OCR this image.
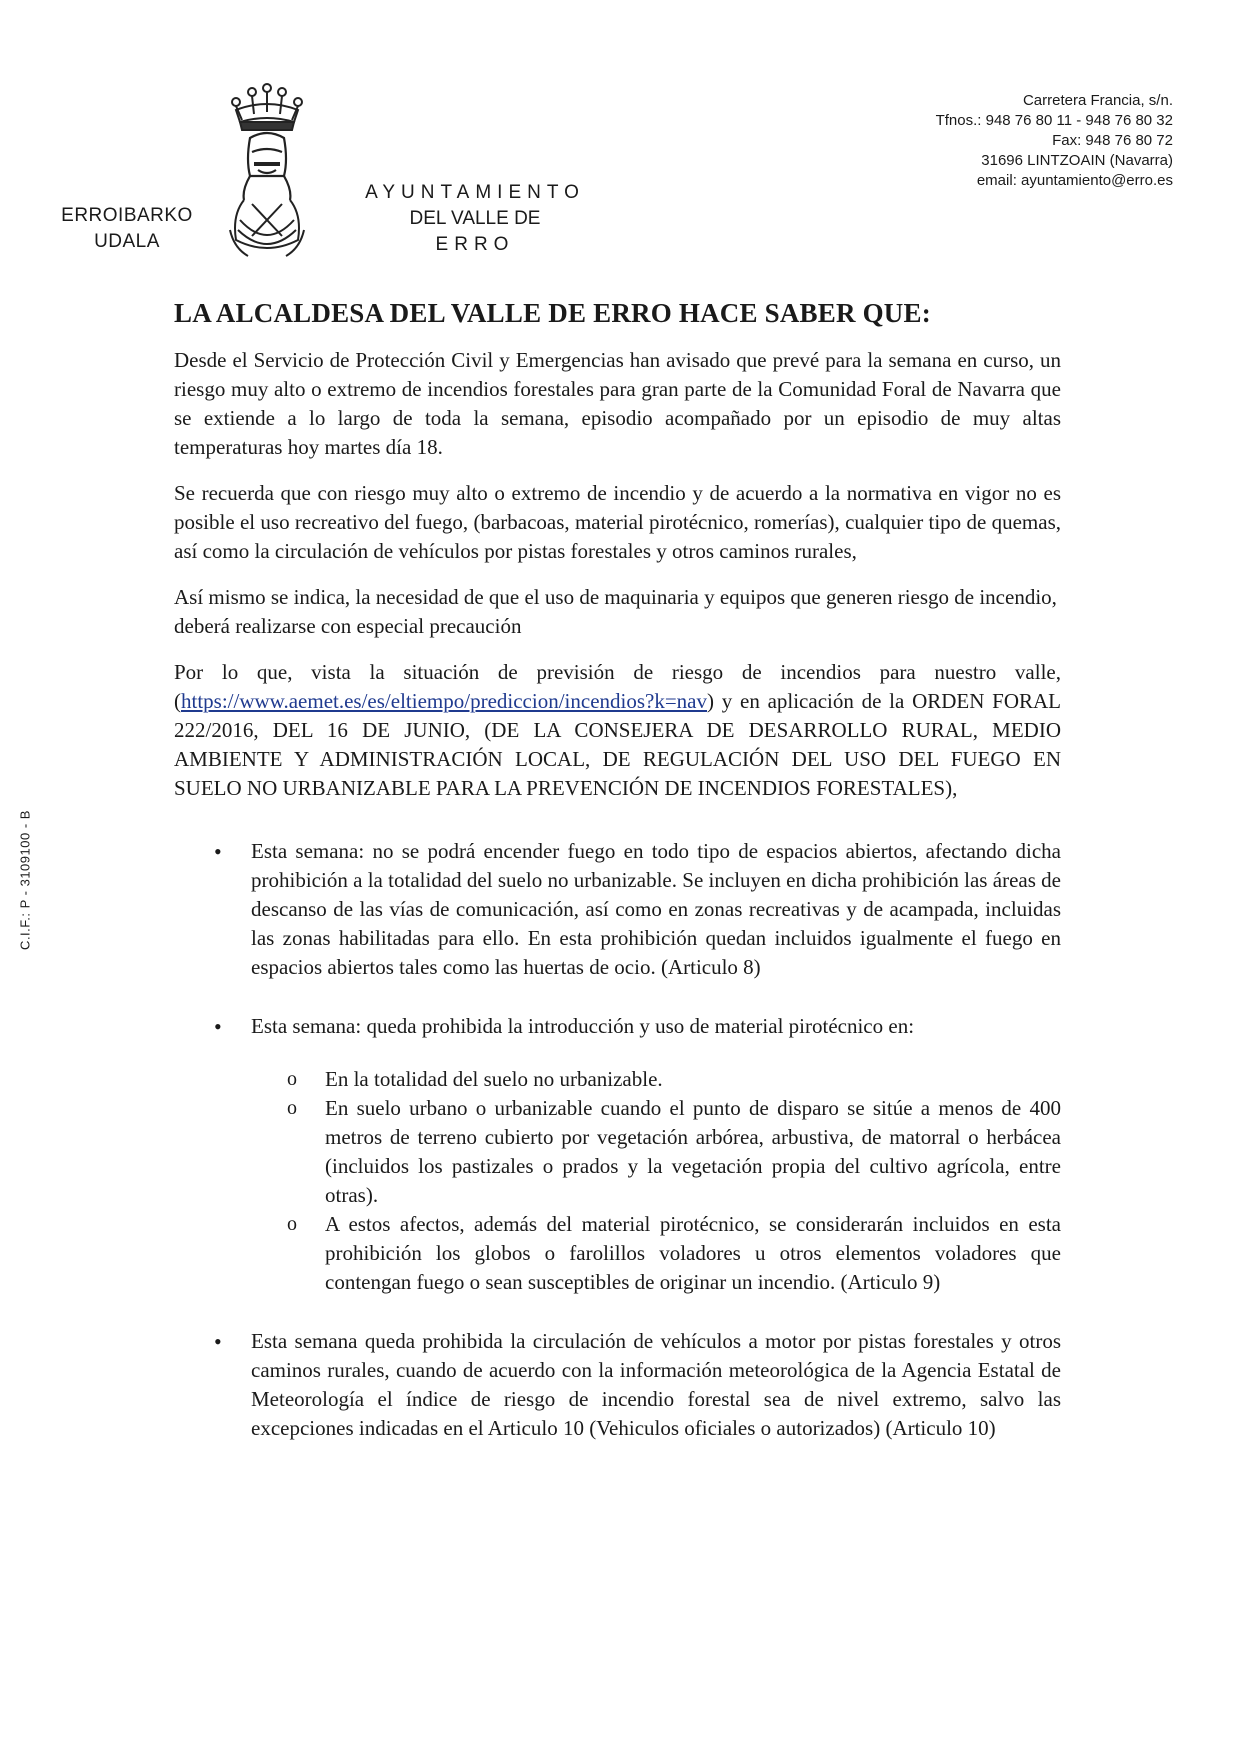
ERROIBARKO
UDALA
AYUNTAMIENTO
DEL VALLE DE
ERRO
Carretera Francia, s/n.
Tfnos.: 948 76 80 11 - 948 76 80 32
Fax: 948 76 80 72
31696 LINTZOAIN (Navarra)
email: ayuntamiento@erro.es
C.I.F.: P - 3109100 - B
LA ALCALDESA DEL VALLE DE ERRO HACE SABER QUE:

Desde el Servicio de Protección Civil y Emergencias han avisado que prevé para la semana en curso, un riesgo muy alto o extremo de incendios forestales para gran parte de la Comunidad Foral de Navarra que se extiende a lo largo de toda la semana, episodio acompañado por un episodio de muy altas temperaturas hoy martes día 18.

Se recuerda que con riesgo muy alto o extremo de incendio y de acuerdo a la normativa en vigor no es posible el uso recreativo del fuego, (barbacoas, material pirotécnico, romerías), cualquier tipo de quemas, así como la circulación de vehículos por pistas forestales y otros caminos rurales,

Así mismo se indica, la necesidad de que el uso de maquinaria y equipos que generen riesgo de incendio, deberá realizarse con especial precaución

Por lo que, vista la situación de previsión de riesgo de incendios para nuestro valle, (https://www.aemet.es/es/eltiempo/prediccion/incendios?k=nav) y en aplicación de la ORDEN FORAL 222/2016, DEL 16 DE JUNIO, (DE LA CONSEJERA DE DESARROLLO RURAL, MEDIO AMBIENTE Y ADMINISTRACIÓN LOCAL, DE REGULACIÓN DEL USO DEL FUEGO EN SUELO NO URBANIZABLE PARA LA PREVENCIÓN DE INCENDIOS FORESTALES),

• Esta semana: no se podrá encender fuego en todo tipo de espacios abiertos, afectando dicha prohibición a la totalidad del suelo no urbanizable. Se incluyen en dicha prohibición las áreas de descanso de las vías de comunicación, así como en zonas recreativas y de acampada, incluidas las zonas habilitadas para ello. En esta prohibición quedan incluidos igualmente el fuego en espacios abiertos tales como las huertas de ocio. (Articulo 8)
• Esta semana: queda prohibida la introducción y uso de material pirotécnico en:
o En la totalidad del suelo no urbanizable.
o En suelo urbano o urbanizable cuando el punto de disparo se sitúe a menos de 400 metros de terreno cubierto por vegetación arbórea, arbustiva, de matorral o herbácea (incluidos los pastizales o prados y la vegetación propia del cultivo agrícola, entre otras).
o A estos afectos, además del material pirotécnico, se considerarán incluidos en esta prohibición los globos o farolillos voladores u otros elementos voladores que contengan fuego o sean susceptibles de originar un incendio. (Articulo 9)
• Esta semana queda prohibida la circulación de vehículos a motor por pistas forestales y otros caminos rurales, cuando de acuerdo con la información meteorológica de la Agencia Estatal de Meteorología el índice de riesgo de incendio forestal sea de nivel extremo, salvo las excepciones indicadas en el Articulo 10 (Vehiculos oficiales o autorizados) (Articulo 10)
